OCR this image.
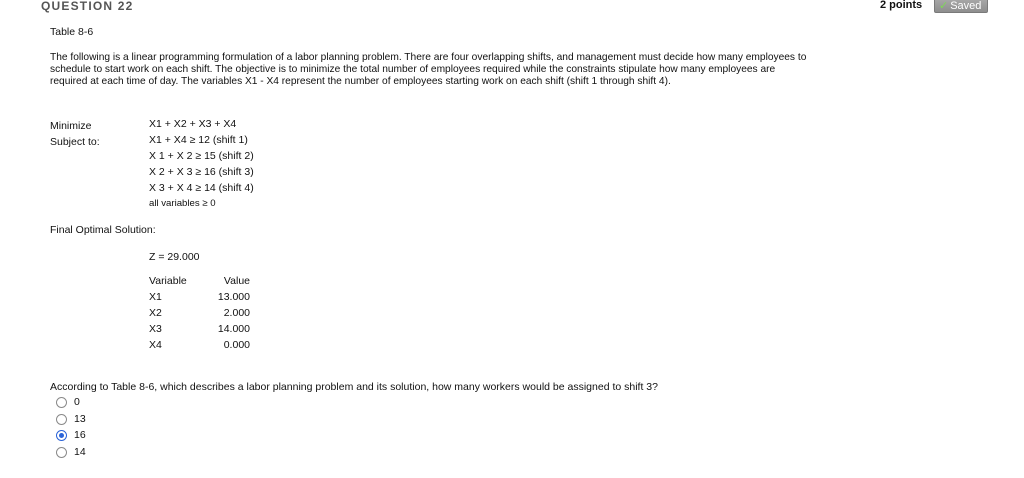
QUESTION 22	2 points	✓ Saved
Table 8-6
The following is a linear programming formulation of a labor planning problem. There are four overlapping shifts, and management must decide how many employees to schedule to start work on each shift. The objective is to minimize the total number of employees required while the constraints stipulate how many employees are required at each time of day. The variables X1 - X4 represent the number of employees starting work on each shift (shift 1 through shift 4).
Minimize
Subject to:
X1 + X2 + X3 + X4
X1 + X4 ≥ 12 (shift 1)
X 1 + X 2 ≥ 15 (shift 2)
X 2 + X 3 ≥ 16 (shift 3)
X 3 + X 4 ≥ 14 (shift 4)
all variables ≥ 0
Final Optimal Solution:
Z = 29.000
Variable	Value
X1	13.000
X2	2.000
X3	14.000
X4	0.000
According to Table 8-6, which describes a labor planning problem and its solution, how many workers would be assigned to shift 3?
0
13
16
14
